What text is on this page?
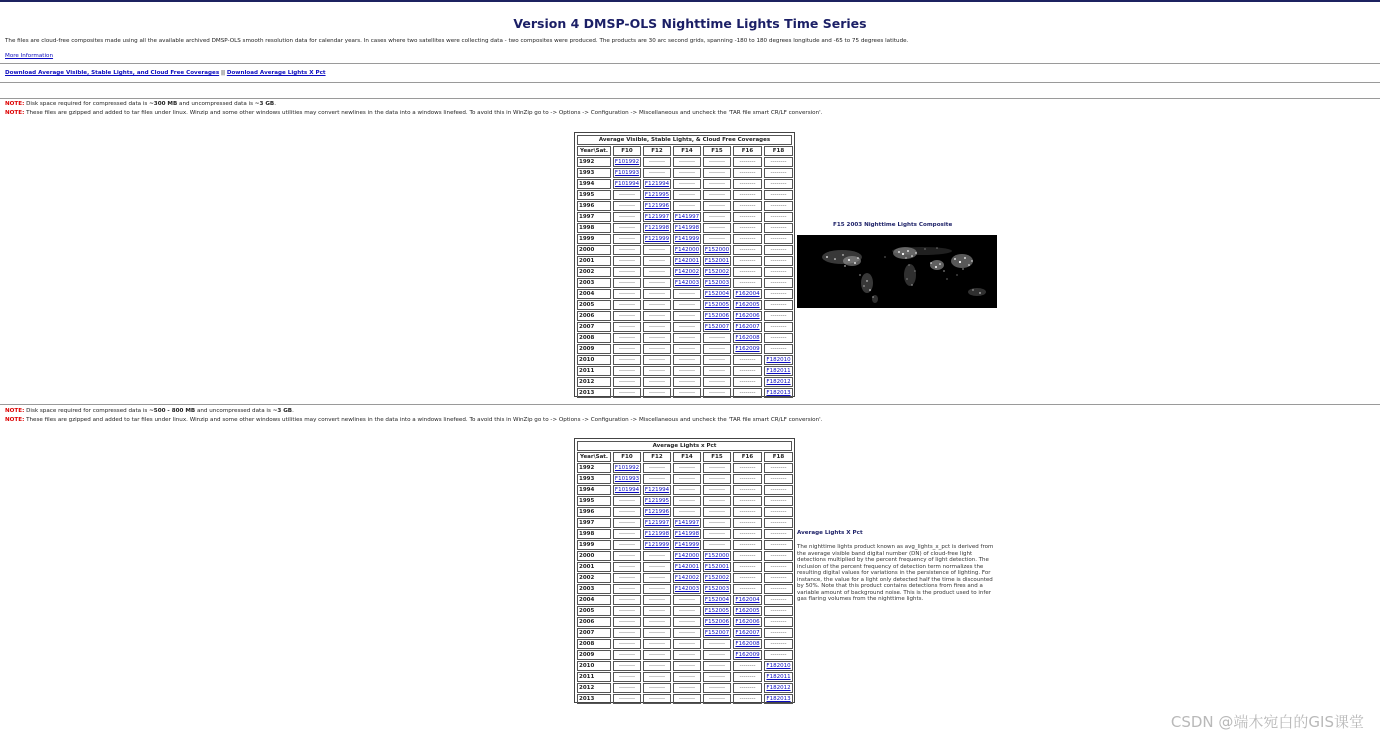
Version 4 DMSP-OLS Nighttime Lights Time Series
The files are cloud-free composites made using all the available archived DMSP-OLS smooth resolution data for calendar years. In cases where two satellites were collecting data - two composites were produced. The products are 30 arc second grids, spanning -180 to 180 degrees longitude and -65 to 75 degrees latitude.
More Information
Download Average Visible, Stable Lights, and Cloud Free Coverages || Download Average Lights X Pct
NOTE: Disk space required for compressed data is ~300 MB and uncompressed data is ~3 GB.
NOTE: These files are gzipped and added to tar files under linux. Winzip and some other windows utilities may convert newlines in the data into a windows linefeed. To avoid this in WinZip go to -> Options -> Configuration -> Miscellaneous and uncheck the 'TAR file smart CR/LF conversion'.
Average Visible, Stable Lights, & Cloud Free Coverages
Year\Sat.	F10	F12	F14	F15	F16	F18
1992	F101992	--------	--------	--------	--------	--------
1993	F101993	--------	--------	--------	--------	--------
1994	F101994	F121994	--------	--------	--------	--------
1995	--------	F121995	--------	--------	--------	--------
1996	--------	F121996	--------	--------	--------	--------
1997	--------	F121997	F141997	--------	--------	--------
1998	--------	F121998	F141998	--------	--------	--------
1999	--------	F121999	F141999	--------	--------	--------
2000	--------	--------	F142000	F152000	--------	--------
2001	--------	--------	F142001	F152001	--------	--------
2002	--------	--------	F142002	F152002	--------	--------
2003	--------	--------	F142003	F152003	--------	--------
2004	--------	--------	--------	F152004	F162004	--------
2005	--------	--------	--------	F152005	F162005	--------
2006	--------	--------	--------	F152006	F162006	--------
2007	--------	--------	--------	F152007	F162007	--------
2008	--------	--------	--------	--------	F162008	--------
2009	--------	--------	--------	--------	F162009	--------
2010	--------	--------	--------	--------	--------	F182010
2011	--------	--------	--------	--------	--------	F182011
2012	--------	--------	--------	--------	--------	F182012
2013	--------	--------	--------	--------	--------	F182013
F15 2003 Nighttime Lights Composite
NOTE: Disk space required for compressed data is ~500 - 800 MB and uncompressed data is ~3 GB.
NOTE: These files are gzipped and added to tar files under linux. Winzip and some other windows utilities may convert newlines in the data into a windows linefeed. To avoid this in WinZip go to -> Options -> Configuration -> Miscellaneous and uncheck the 'TAR file smart CR/LF conversion'.
Average Lights x Pct
Year\Sat.	F10	F12	F14	F15	F16	F18
1992	F101992	--------	--------	--------	--------	--------
1993	F101993	--------	--------	--------	--------	--------
1994	F101994	F121994	--------	--------	--------	--------
1995	--------	F121995	--------	--------	--------	--------
1996	--------	F121996	--------	--------	--------	--------
1997	--------	F121997	F141997	--------	--------	--------
1998	--------	F121998	F141998	--------	--------	--------
1999	--------	F121999	F141999	--------	--------	--------
2000	--------	--------	F142000	F152000	--------	--------
2001	--------	--------	F142001	F152001	--------	--------
2002	--------	--------	F142002	F152002	--------	--------
2003	--------	--------	F142003	F152003	--------	--------
2004	--------	--------	--------	F152004	F162004	--------
2005	--------	--------	--------	F152005	F162005	--------
2006	--------	--------	--------	F152006	F162006	--------
2007	--------	--------	--------	F152007	F162007	--------
2008	--------	--------	--------	--------	F162008	--------
2009	--------	--------	--------	--------	F162009	--------
2010	--------	--------	--------	--------	--------	F182010
2011	--------	--------	--------	--------	--------	F182011
2012	--------	--------	--------	--------	--------	F182012
2013	--------	--------	--------	--------	--------	F182013
Average Lights X Pct
The nighttime lights product known as avg_lights_x_pct is derived from the average visible band digital number (DN) of cloud-free light detections multiplied by the percent frequency of light detection. The inclusion of the percent frequency of detection term normalizes the resulting digital values for variations in the persistence of lighting. For instance, the value for a light only detected half the time is discounted by 50%. Note that this product contains detections from fires and a variable amount of background noise. This is the product used to infer gas flaring volumes from the nighttime lights.
CSDN @端木宛白的GIS课堂
